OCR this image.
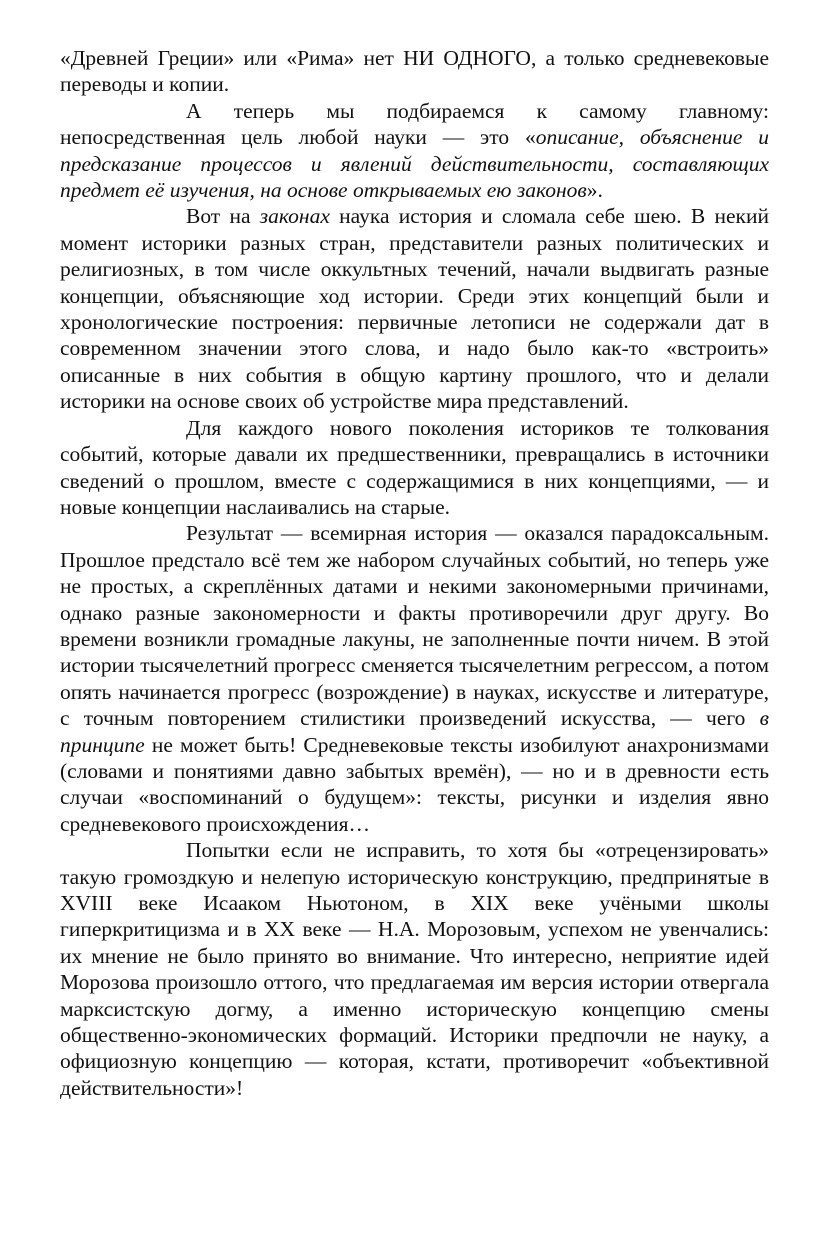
«Древней Греции» или «Рима» нет НИ ОДНОГО, а только средневековые переводы и копии.

А теперь мы подбираемся к самому главному: непосредственная цель любой науки — это «описание, объяснение и предсказание процессов и явлений действительности, составляющих предмет её изучения, на основе открываемых ею законов».

Вот на законах наука история и сломала себе шею. В некий момент историки разных стран, представители разных политических и религиозных, в том числе оккультных течений, начали выдвигать разные концепции, объясняющие ход истории. Среди этих концепций были и хронологические построения: первичные летописи не содержали дат в современном значении этого слова, и надо было как-то «встроить» описанные в них события в общую картину прошлого, что и делали историки на основе своих об устройстве мира представлений.

Для каждого нового поколения историков те толкования событий, которые давали их предшественники, превращались в источники сведений о прошлом, вместе с содержащимися в них концепциями, — и новые концепции наслаивались на старые.

Результат — всемирная история — оказался парадоксальным. Прошлое предстало всё тем же набором случайных событий, но теперь уже не простых, а скреплённых датами и некими закономерными причинами, однако разные закономерности и факты противоречили друг другу. Во времени возникли громадные лакуны, не заполненные почти ничем. В этой истории тысячелетний прогресс сменяется тысячелетним регрессом, а потом опять начинается прогресс (возрождение) в науках, искусстве и литературе, с точным повторением стилистики произведений искусства, — чего в принципе не может быть! Средневековые тексты изобилуют анахронизмами (словами и понятиями давно забытых времён), — но и в древности есть случаи «воспоминаний о будущем»: тексты, рисунки и изделия явно средневекового происхождения…

Попытки если не исправить, то хотя бы «отрецензировать» такую громоздкую и нелепую историческую конструкцию, предпринятые в XVIII веке Исааком Ньютоном, в XIX веке учёными школы гиперкритицизма и в XX веке — Н.А. Морозовым, успехом не увенчались: их мнение не было принято во внимание. Что интересно, неприятие идей Морозова произошло оттого, что предлагаемая им версия истории отвергала марксистскую догму, а именно историческую концепцию смены общественно-экономических формаций. Историки предпочли не науку, а официозную концепцию — которая, кстати, противоречит «объективной действительности»!
